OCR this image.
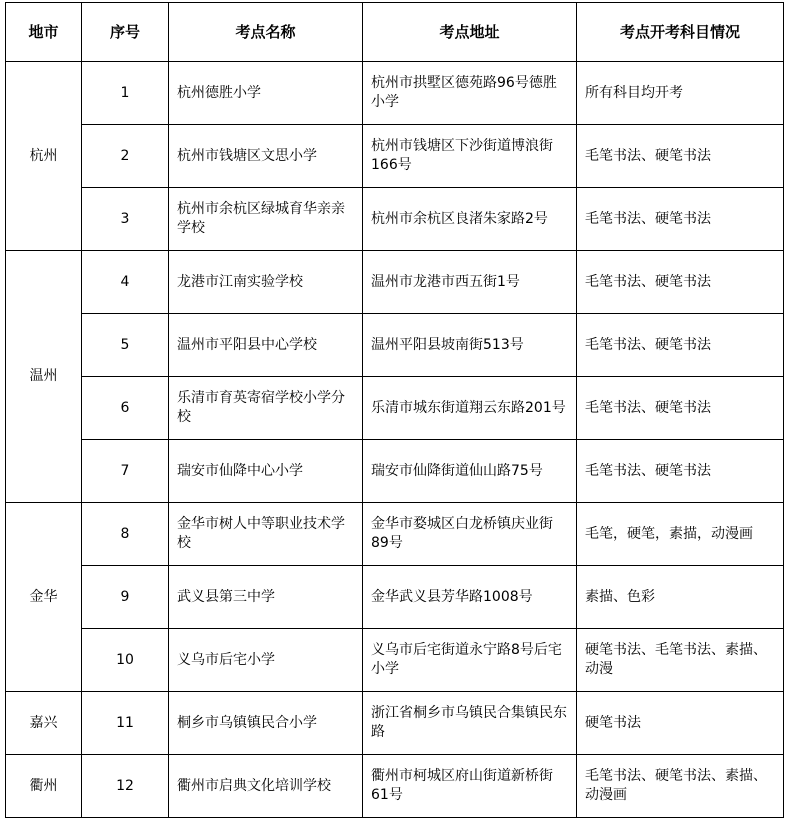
地市	序号	考点名称	考点地址	考点开考科目情况
杭州	1	杭州德胜小学	杭州市拱墅区德苑路96号德胜小学	所有科目均开考
	2	杭州市钱塘区文思小学	杭州市钱塘区下沙街道博浪街166号	毛笔书法、硬笔书法
	3	杭州市余杭区绿城育华亲亲学校	杭州市余杭区良渚朱家路2号	毛笔书法、硬笔书法
温州	4	龙港市江南实验学校	温州市龙港市西五街1号	毛笔书法、硬笔书法
	5	温州市平阳县中心学校	温州平阳县坡南街513号	毛笔书法、硬笔书法
	6	乐清市育英寄宿学校小学分校	乐清市城东街道翔云东路201号	毛笔书法、硬笔书法
	7	瑞安市仙降中心小学	瑞安市仙降街道仙山路75号	毛笔书法、硬笔书法
金华	8	金华市树人中等职业技术学校	金华市婺城区白龙桥镇庆业街89号	毛笔，硬笔，素描，动漫画
	9	武义县第三中学	金华武义县芳华路1008号	素描、色彩
	10	义乌市后宅小学	义乌市后宅街道永宁路8号后宅小学	硬笔书法、毛笔书法、素描、动漫
嘉兴	11	桐乡市乌镇镇民合小学	浙江省桐乡市乌镇民合集镇民东路	硬笔书法
衢州	12	衢州市启典文化培训学校	衢州市柯城区府山街道新桥街61号	毛笔书法、硬笔书法、素描、动漫画
